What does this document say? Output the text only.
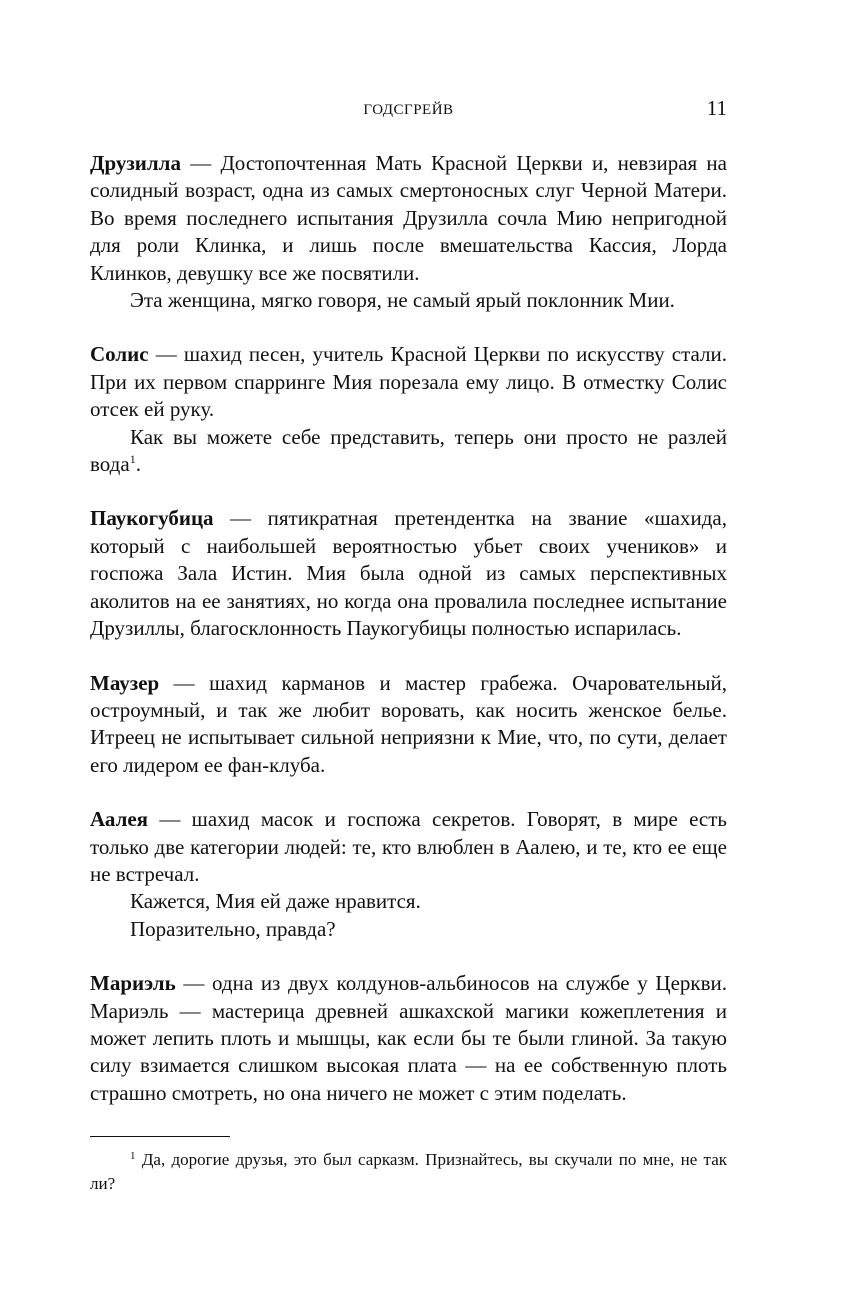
ГОДСГРЕЙВ	11

Друзилла — Достопочтенная Мать Красной Церкви и, невзирая на солидный возраст, одна из самых смертоносных слуг Черной Матери. Во время последнего испытания Друзилла сочла Мию непригодной для роли Клинка, и лишь после вмешательства Кассия, Лорда Клинков, девушку все же посвятили.

Эта женщина, мягко говоря, не самый ярый поклонник Мии.

Солис — шахид песен, учитель Красной Церкви по искусству стали. При их первом спарринге Мия порезала ему лицо. В отместку Солис отсек ей руку.

Как вы можете себе представить, теперь они просто не разлей вода$^1$.

Паукогубица — пятикратная претендентка на звание «шахида, который с наибольшей вероятностью убьет своих учеников» и госпожа Зала Истин. Мия была одной из самых перспективных аколитов на ее занятиях, но когда она провалила последнее испытание Друзиллы, благосклонность Паукогубицы полностью испарилась.

Маузер — шахид карманов и мастер грабежа. Очаровательный, остроумный, и так же любит воровать, как носить женское белье. Итреец не испытывает сильной неприязни к Мие, что, по сути, делает его лидером ее фан-клуба.

Аалея — шахид масок и госпожа секретов. Говорят, в мире есть только две категории людей: те, кто влюблен в Аалею, и те, кто ее еще не встречал.

Кажется, Мия ей даже нравится.

Поразительно, правда?

Мариэль — одна из двух колдунов-альбиносов на службе у Церкви. Мариэль — мастерица древней ашкахской магики кожеплетения и может лепить плоть и мышцы, как если бы те были глиной. За такую силу взимается слишком высокая плата — на ее собственную плоть страшно смотреть, но она ничего не может с этим поделать.

$^1$ Да, дорогие друзья, это был сарказм. Признайтесь, вы скучали по мне, не так ли?
